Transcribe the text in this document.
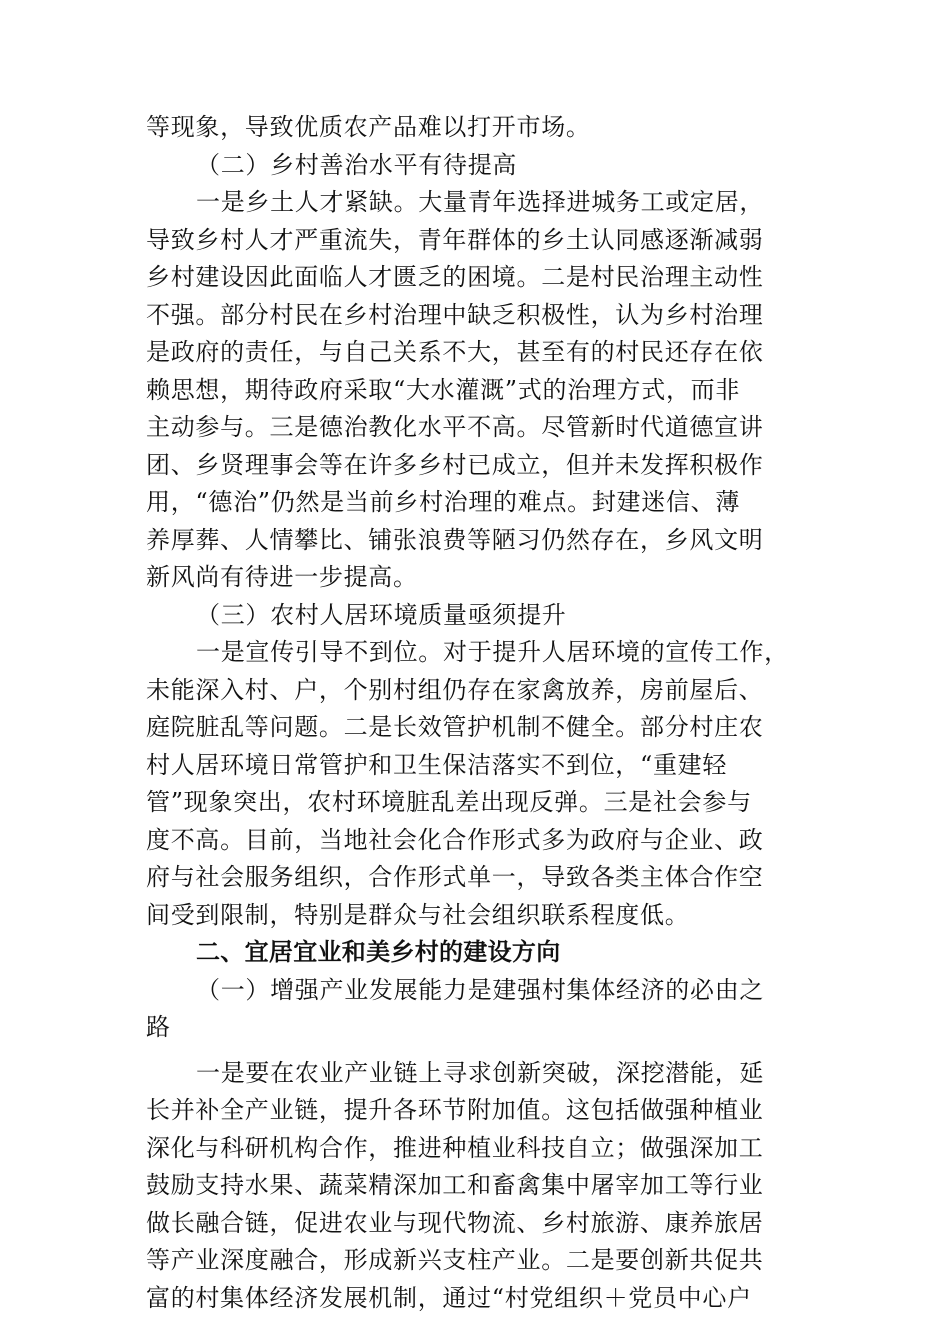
等现象，导致优质农产品难以打开市场。
（二）乡村善治水平有待提高
一是乡土人才紧缺。大量青年选择进城务工或定居，
导致乡村人才严重流失，青年群体的乡土认同感逐渐减弱
乡村建设因此面临人才匮乏的困境。二是村民治理主动性
不强。部分村民在乡村治理中缺乏积极性，认为乡村治理
是政府的责任，与自己关系不大，甚至有的村民还存在依
赖思想，期待政府采取“大水灌溉”式的治理方式，而非
主动参与。三是德治教化水平不高。尽管新时代道德宣讲
团、乡贤理事会等在许多乡村已成立，但并未发挥积极作
用，“德治”仍然是当前乡村治理的难点。封建迷信、薄
养厚葬、人情攀比、铺张浪费等陋习仍然存在，乡风文明
新风尚有待进一步提高。
（三）农村人居环境质量亟须提升
一是宣传引导不到位。对于提升人居环境的宣传工作，
未能深入村、户，个别村组仍存在家禽放养，房前屋后、
庭院脏乱等问题。二是长效管护机制不健全。部分村庄农
村人居环境日常管护和卫生保洁落实不到位，“重建轻
管”现象突出，农村环境脏乱差出现反弹。三是社会参与
度不高。目前，当地社会化合作形式多为政府与企业、政
府与社会服务组织，合作形式单一，导致各类主体合作空
间受到限制，特别是群众与社会组织联系程度低。
二、宜居宜业和美乡村的建设方向
（一）增强产业发展能力是建强村集体经济的必由之
路
一是要在农业产业链上寻求创新突破，深挖潜能，延
长并补全产业链，提升各环节附加值。这包括做强种植业
深化与科研机构合作，推进种植业科技自立；做强深加工
鼓励支持水果、蔬菜精深加工和畜禽集中屠宰加工等行业
做长融合链，促进农业与现代物流、乡村旅游、康养旅居
等产业深度融合，形成新兴支柱产业。二是要创新共促共
富的村集体经济发展机制，通过“村党组织＋党员中心户
